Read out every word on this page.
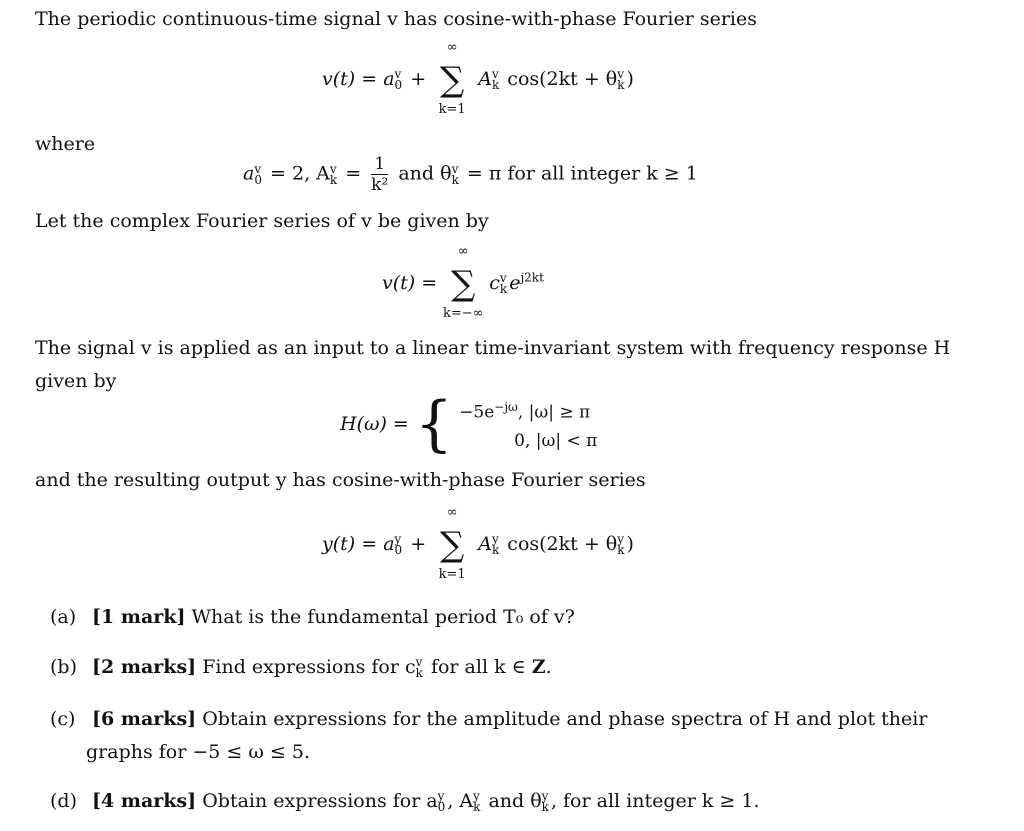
The periodic continuous-time signal v has cosine-with-phase Fourier series
v(t) = av
0 +
∞
∑
k=1
Av
k cos(2kt + θv
k )
where
av
0 = 2, Av
$k = \frac{1}{\text{k²}}$ and θv
k = π for all integer k ≥ 1
Let the complex Fourier series of v be given by
v(t) =
∞
∑
k=−∞
cv
k $e^{j2kt}$
The signal v is applied as an input to a linear time-invariant system with frequency response H
given by
H(ω) = { $-5e^{-j\omega}$, |ω| ≥ π
0, |ω| < π
and the resulting output y has cosine-with-phase Fourier series
y(t) = ay
0 +
∞
∑
k=1
Ay
k cos(2kt + θy
k )
(a) [1 mark] What is the fundamental period T₀ of v?
(b) [2 marks] Find expressions for cv
k for all k ∈ Z.
(c) [6 marks] Obtain expressions for the amplitude and phase spectra of H and plot their
graphs for −5 ≤ ω ≤ 5.
(d) [4 marks] Obtain expressions for ay
0 , Ay
k and θy
k , for all integer k ≥ 1.
